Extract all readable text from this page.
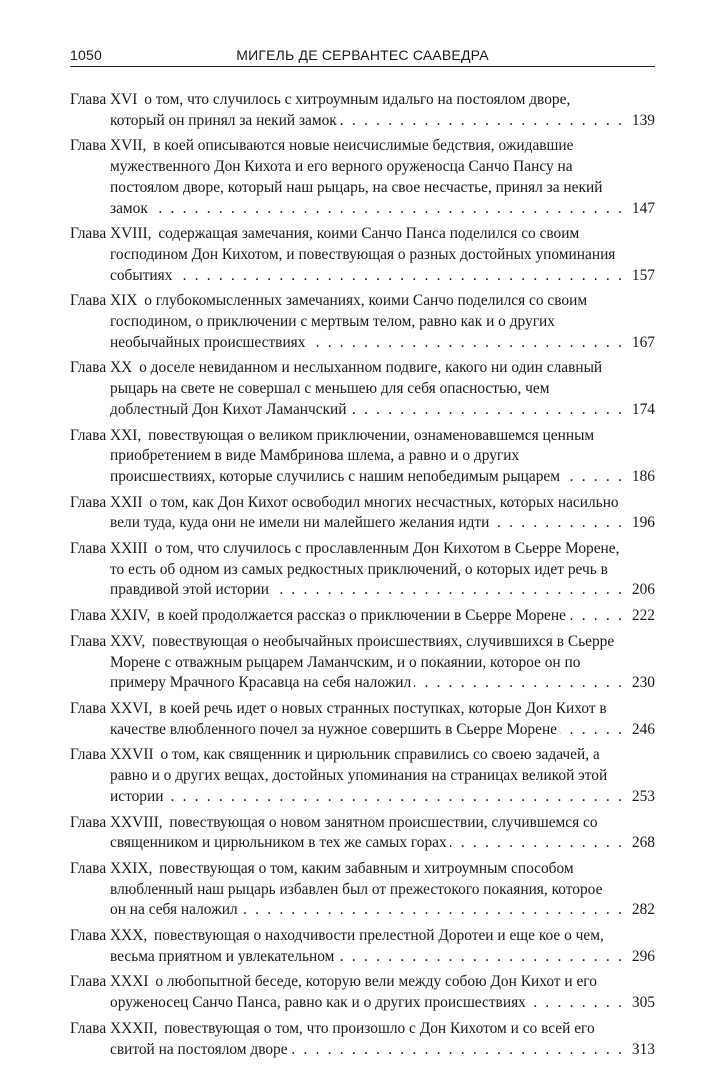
1050	МИГЕЛЬ ДЕ СЕРВАНТЕС СААВЕДРА
. . .
Глава XVI о том, что случилось с хитроумным идальго на постоялом дворе, который он принял за некий замок	139
. . .
Глава XVII, в коей описываются новые неисчислимые бедствия, ожидавшие мужественного Дон Кихота и его верного оруженосца Санчо Пансу на постоялом дворе, который наш рыцарь, на свое несчастье, принял за некий замок	147
. . .
Глава XVIII, содержащая замечания, коими Санчо Панса поделился со своим господином Дон Кихотом, и повествующая о разных достойных упоминания событиях	157
. . .
Глава XIX о глубокомысленных замечаниях, коими Санчо поделился со своим господином, о приключении с мертвым телом, равно как и о других необычайных происшествиях	167
. . .
Глава XX о доселе невиданном и неслыханном подвиге, какого ни один славный рыцарь на свете не совершал с меньшею для себя опасностью, чем доблестный Дон Кихот Ламанчский	174
. . .
Глава XXI, повествующая о великом приключении, ознаменовавшемся ценным приобретением в виде Мамбринова шлема, а равно и о других происшествиях, которые случились с нашим непобедимым рыцарем	186
. . .
Глава XXII о том, как Дон Кихот освободил многих несчастных, которых насильно вели туда, куда они не имели ни малейшего желания идти	196
. . .
Глава XXIII о том, что случилось с прославленным Дон Кихотом в Сьерре Морене, то есть об одном из самых редкостных приключений, о которых идет речь в правдивой этой истории	206
. . .
Глава XXIV, в коей продолжается рассказ о приключении в Сьерре Морене	222
. . .
Глава XXV, повествующая о необычайных происшествиях, случившихся в Сьерре Морене с отважным рыцарем Ламанчским, и о покаянии, которое он по примеру Мрачного Красавца на себя наложил	230
. . .
Глава XXVI, в коей речь идет о новых странных поступках, которые Дон Кихот в качестве влюбленного почел за нужное совершить в Сьерре Морене	246
. . .
Глава XXVII о том, как священник и цирюльник справились со своею задачей, а равно и о других вещах, достойных упоминания на страницах великой этой истории	253
. . .
Глава XXVIII, повествующая о новом занятном происшествии, случившемся со священником и цирюльником в тех же самых горах	268
. . .
Глава XXIX, повествующая о том, каким забавным и хитроумным способом влюбленный наш рыцарь избавлен был от прежестокого покаяния, которое он на себя наложил	282
. . .
Глава XXX, повествующая о находчивости прелестной Доротеи и еще кое о чем, весьма приятном и увлекательном	296
. . .
Глава XXXI о любопытной беседе, которую вели между собою Дон Кихот и его оруженосец Санчо Панса, равно как и о других происшествиях	305
. . .
Глава XXXII, повествующая о том, что произошло с Дон Кихотом и со всей его свитой на постоялом дворе	313
